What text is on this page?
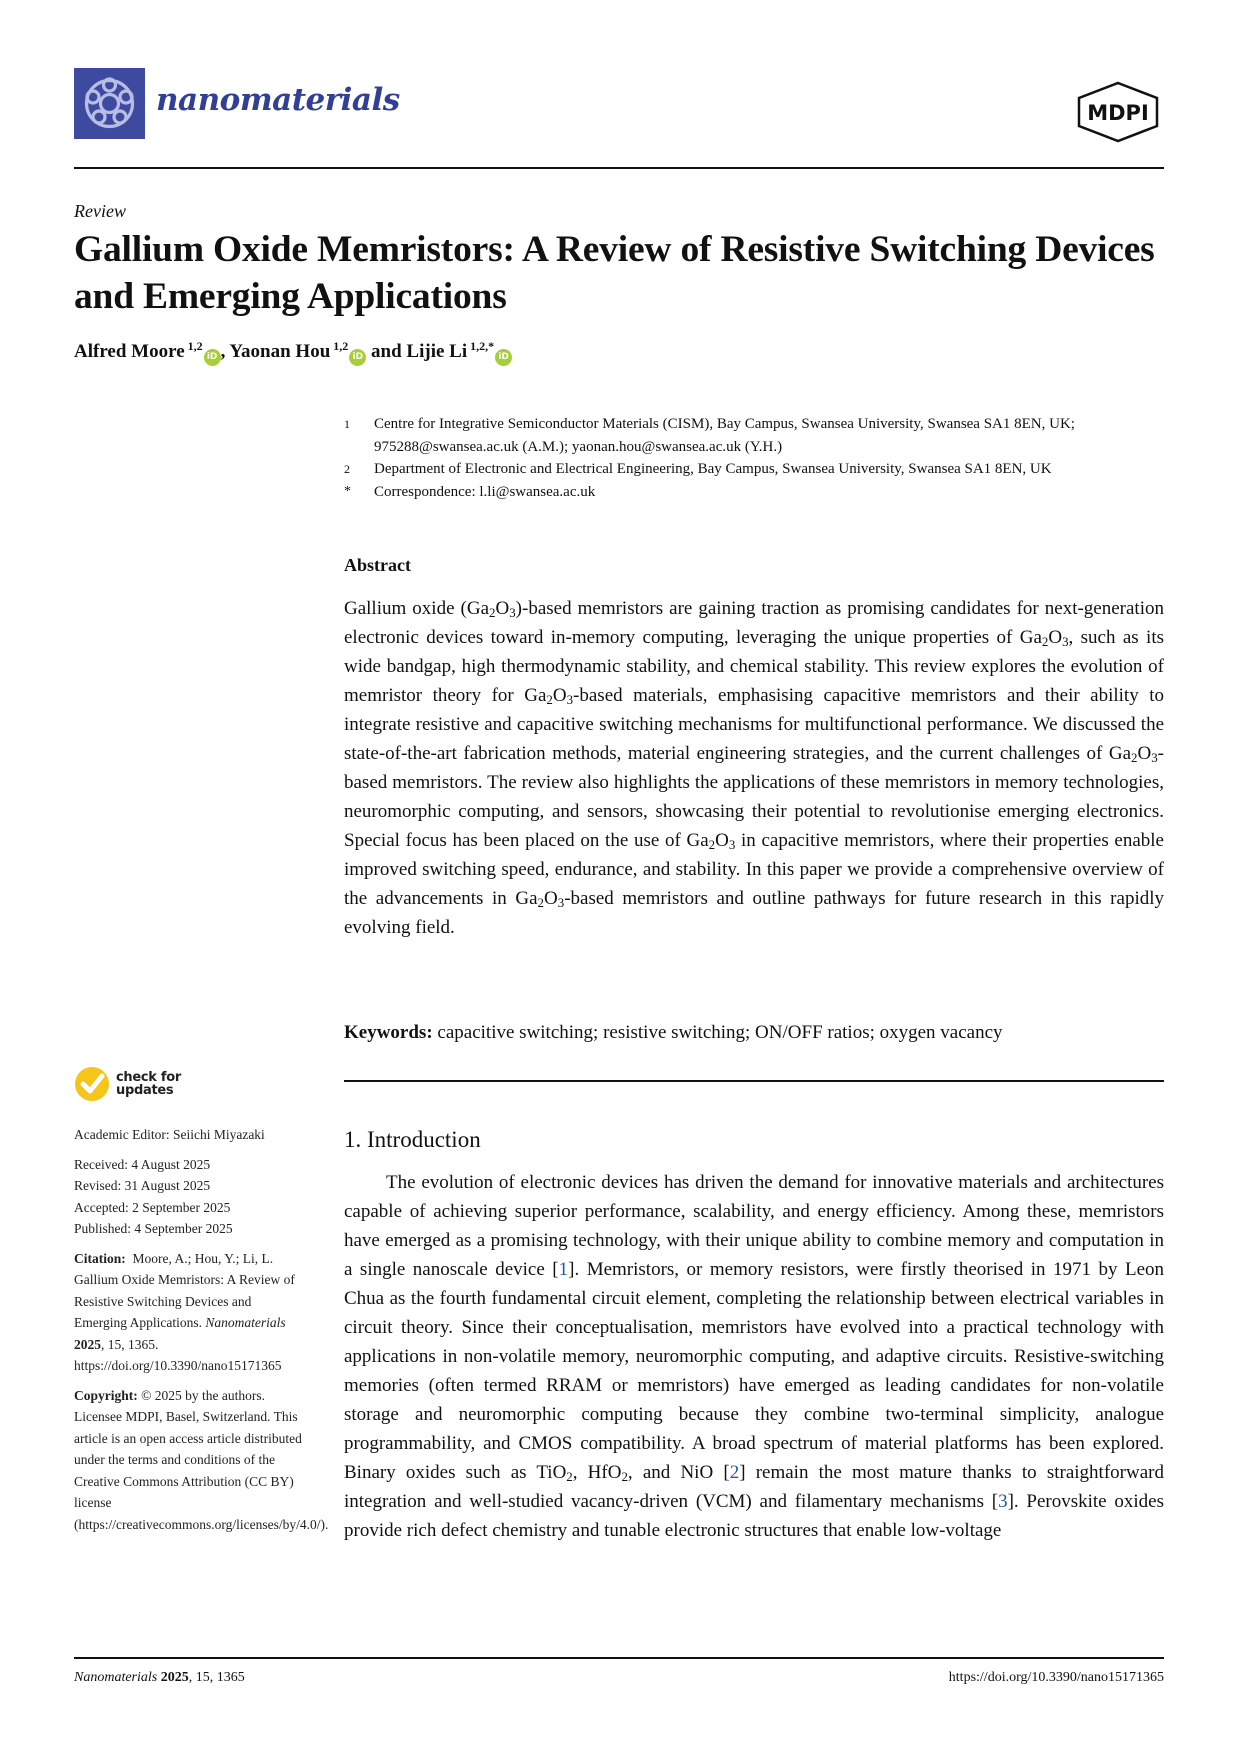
nanomaterials	MDPI
Review
Gallium Oxide Memristors: A Review of Resistive Switching Devices and Emerging Applications
Alfred Moore $^{1,2}$iD , Yaonan Hou $^{1,2}$iD and Lijie Li $^{1,2,*}$iD
1	Centre for Integrative Semiconductor Materials (CISM), Bay Campus, Swansea University, Swansea SA1 8EN, UK; 975288@swansea.ac.uk (A.M.); yaonan.hou@swansea.ac.uk (Y.H.)
2	Department of Electronic and Electrical Engineering, Bay Campus, Swansea University, Swansea SA1 8EN, UK
*	Correspondence: l.li@swansea.ac.uk
Abstract

Gallium oxide $(Ga_2O_3)$-based memristors are gaining traction as promising candidates for next-generation electronic devices toward in-memory computing, leveraging the unique properties of $Ga_2O_3$, such as its wide bandgap, high thermodynamic stability, and chemical stability. This review explores the evolution of memristor theory for $Ga_2O_3$-based materials, emphasising capacitive memristors and their ability to integrate resistive and capacitive switching mechanisms for multifunctional performance. We discussed the state-of-the-art fabrication methods, material engineering strategies, and the current challenges of $Ga_2O_3$-based memristors. The review also highlights the applications of these memristors in memory technologies, neuromorphic computing, and sensors, showcasing their potential to revolutionise emerging electronics. Special focus has been placed on the use of $Ga_2O_3$ in capacitive memristors, where their properties enable improved switching speed, endurance, and stability. In this paper we provide a comprehensive overview of the advancements in $Ga_2O_3$-based memristors and outline pathways for future research in this rapidly evolving field.

Keywords: capacitive switching; resistive switching; ON/OFF ratios; oxygen vacancy
check for
updates
Academic Editor: Seiichi Miyazaki
Received: 4 August 2025
Revised: 31 August 2025
Accepted: 2 September 2025
Published: 4 September 2025
Citation: Moore, A.; Hou, Y.; Li, L. Gallium Oxide Memristors: A Review of Resistive Switching Devices and Emerging Applications. Nanomaterials 2025, 15, 1365. https://doi.org/10.3390/nano15171365
Copyright: © 2025 by the authors. Licensee MDPI, Basel, Switzerland. This article is an open access article distributed under the terms and conditions of the Creative Commons Attribution (CC BY) license (https://creativecommons.org/licenses/by/4.0/).
1. Introduction

The evolution of electronic devices has driven the demand for innovative materials and architectures capable of achieving superior performance, scalability, and energy efficiency. Among these, memristors have emerged as a promising technology, with their unique ability to combine memory and computation in a single nanoscale device [1]. Memristors, or memory resistors, were firstly theorised in 1971 by Leon Chua as the fourth fundamental circuit element, completing the relationship between electrical variables in circuit theory. Since their conceptualisation, memristors have evolved into a practical technology with applications in non-volatile memory, neuromorphic computing, and adaptive circuits. Resistive-switching memories (often termed RRAM or memristors) have emerged as leading candidates for non-volatile storage and neuromorphic computing because they combine two-terminal simplicity, analogue programmability, and CMOS compatibility. A broad spectrum of material platforms has been explored. Binary oxides such as TiO$_2$, HfO$_2$, and NiO [2] remain the most mature thanks to straightforward integration and well-studied vacancy-driven (VCM) and filamentary mechanisms [3]. Perovskite oxides provide rich defect chemistry and tunable electronic structures that enable low-voltage

Nanomaterials 2025, 15, 1365	https://doi.org/10.3390/nano15171365
